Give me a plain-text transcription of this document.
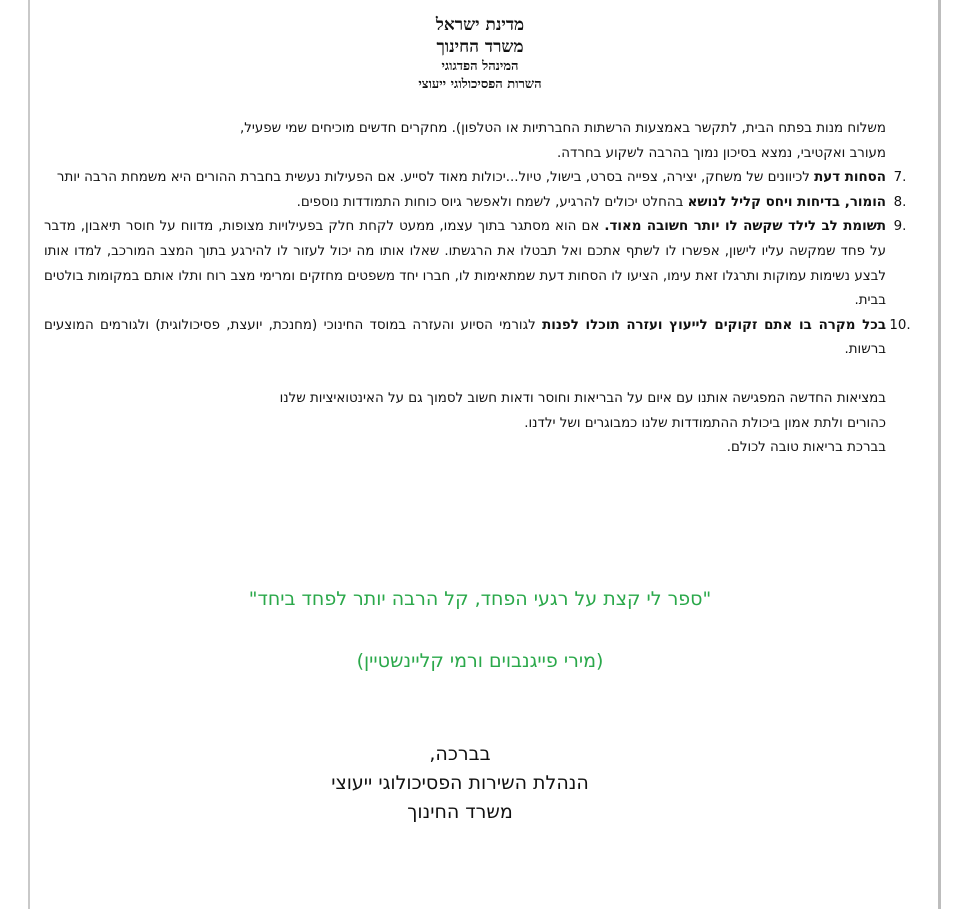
מדינת ישראל
משרד החינוך
המינהל הפדגוגי
השרות הפסיכולוגי ייעוצי

משלוח מנות בפתח הבית, לתקשר באמצעות הרשתות החברתיות או הטלפון). מחקרים חדשים מוכיחים שמי שפעיל,

מעורב ואקטיבי, נמצא בסיכון נמוך בהרבה לשקוע בחרדה.

7.
הסחות דעת לכיוונים של משחק, יצירה, צפייה בסרט, בישול, טיול...יכולות מאוד לסייע. אם הפעילות נעשית בחברת ההורים היא משמחת הרבה יותר
8.
הומור, בדיחות ויחס קליל לנושא בהחלט יכולים להרגיע, לשמח ולאפשר גיוס כוחות התמודדות נוספים.
9.
תשומת לב לילד שקשה לו יותר חשובה מאוד. אם הוא מסתגר בתוך עצמו, ממעט לקחת חלק בפעילויות מצופות, מדווח על חוסר תיאבון, מדבר על פחד שמקשה עליו לישון, אפשרו לו לשתף אתכם ואל תבטלו את הרגשתו. שאלו אותו מה יכול לעזור לו להירגע בתוך המצב המורכב, למדו אותו לבצע נשימות עמוקות ותרגלו זאת עימו, הציעו לו הסחות דעת שמתאימות לו, חברו יחד משפטים מחזקים ומרימי מצב רוח ותלו אותם במקומות בולטים בבית.
10.
בכל מקרה בו אתם זקוקים לייעוץ ועזרה תוכלו לפנות לגורמי הסיוע והעזרה במוסד החינוכי (מחנכת, יועצת, פסיכולוגית) ולגורמים המוצעים ברשות.

במציאות החדשה המפגישה אותנו עם איום על הבריאות וחוסר ודאות חשוב לסמוך גם על האינטואיציות שלנו

כהורים ולתת אמון ביכולת ההתמודדות שלנו כמבוגרים ושל ילדנו.

בברכת בריאות טובה לכולם.

"ספר לי קצת על רגעי הפחד, קל הרבה יותר לפחד ביחד"
(מירי פייגנבוים ורמי קליינשטיין)
בברכה,
הנהלת השירות הפסיכולוגי ייעוצי
משרד החינוך
